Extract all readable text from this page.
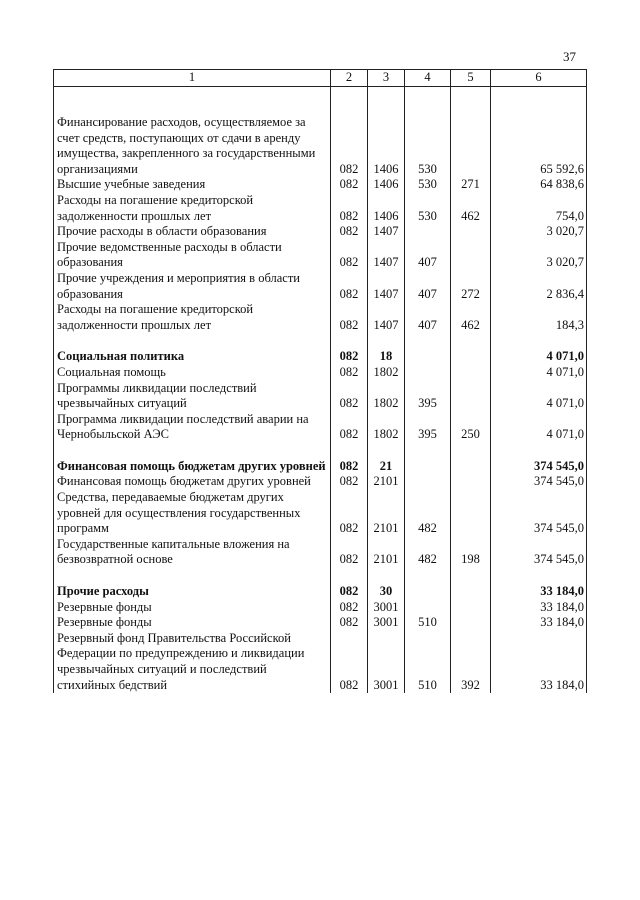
37
1	2	3	4	5	6

Финансирование расходов, осуществляемое за счет средств, поступающих от сдачи в аренду имущества, закрепленного за государственными организациями	082	1406	530		65 592,6
Высшие учебные заведения	082	1406	530	271	64 838,6
Расходы на погашение кредиторской задолженности прошлых лет	082	1406	530	462	754,0
Прочие расходы в области образования	082	1407			3 020,7
Прочие ведомственные расходы в области образования	082	1407	407		3 020,7
Прочие учреждения и мероприятия в области образования	082	1407	407	272	2 836,4
Расходы на погашение кредиторской задолженности прошлых лет	082	1407	407	462	184,3

Социальная политика	082	18			4 071,0
Социальная помощь	082	1802			4 071,0
Программы ликвидации последствий чрезвычайных ситуаций	082	1802	395		4 071,0
Программа ликвидации последствий аварии на Чернобыльской АЭС	082	1802	395	250	4 071,0

Финансовая помощь бюджетам других уровней	082	21			374 545,0
Финансовая помощь бюджетам других уровней	082	2101			374 545,0
Средства, передаваемые бюджетам других уровней для осуществления государственных программ	082	2101	482		374 545,0
Государственные капитальные вложения на безвозвратной основе	082	2101	482	198	374 545,0

Прочие расходы	082	30			33 184,0
Резервные фонды	082	3001			33 184,0
Резервные фонды	082	3001	510		33 184,0
Резервный фонд Правительства Российской Федерации по предупреждению и ликвидации чрезвычайных ситуаций и последствий стихийных бедствий	082	3001	510	392	33 184,0
